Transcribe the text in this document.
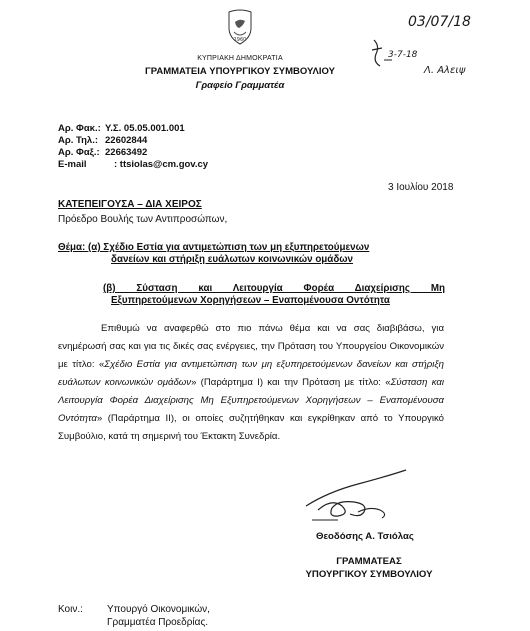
1960
ΚΥΠΡΙΑΚΗ ΔΗΜΟΚΡΑΤΙΑ
ΓΡΑΜΜΑΤΕΙΑ ΥΠΟΥΡΓΙΚΟΥ ΣΥΜΒΟΥΛΙΟΥ
Γραφείο Γραμματέα
03/07/18
3-7-18
Λ. Αλειψ
Αρ. Φακ.: Υ.Σ. 05.05.001.001
Αρ. Τηλ.: 22602844
Αρ. Φαξ.: 22663492
E-mail	: ttsiolas@cm.gov.cy
3 Ιουλίου 2018
ΚΑΤΕΠΕΙΓΟΥΣΑ – ΔΙΑ ΧΕΙΡΟΣ
Πρόεδρο Βουλής των Αντιπροσώπων,
Θέμα: (α) Σχέδιο Εστία για αντιμετώπιση των μη εξυπηρετούμενων
δανείων και στήριξη ευάλωτων κοινωνικών ομάδων
(β) Σύσταση και Λειτουργία Φορέα Διαχείρισης Μη
Εξυπηρετούμενων Χορηγήσεων – Εναπομένουσα Οντότητα
Επιθυμώ να αναφερθώ στο πιο πάνω θέμα και να σας διαβιβάσω, για ενημέρωσή σας και για τις δικές σας ενέργειες, την Πρόταση του Υπουργείου Οικονομικών με τίτλο: «Σχέδιο Εστία για αντιμετώπιση των μη εξυπηρετούμενων δανείων και στήριξη ευάλωτων κοινωνικών ομάδων» (Παράρτημα I) και την Πρόταση με τίτλο: «Σύσταση και Λειτουργία Φορέα Διαχείρισης Μη Εξυπηρετούμενων Χορηγήσεων – Εναπομένουσα Οντότητα» (Παράρτημα II), οι οποίες συζητήθηκαν και εγκρίθηκαν από το Υπουργικό Συμβούλιο, κατά τη σημερινή του Έκτακτη Συνεδρία.
Θεοδόσης Α. Τσιόλας
ΓΡΑΜΜΑΤΕΑΣ
ΥΠΟΥΡΓΙΚΟΥ ΣΥΜΒΟΥΛΙΟΥ
Κοιν.: Υπουργό Οικονομικών,
Γραμματέα Προεδρίας.
